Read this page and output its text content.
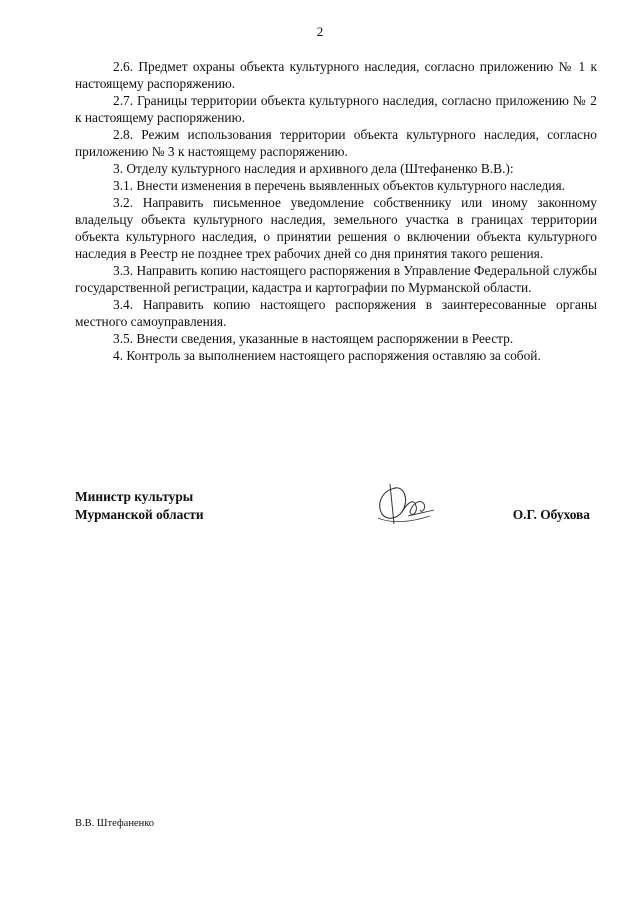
2

2.6. Предмет охраны объекта культурного наследия, согласно приложению № 1 к настоящему распоряжению.

2.7. Границы территории объекта культурного наследия, согласно приложению № 2 к настоящему распоряжению.

2.8. Режим использования территории объекта культурного наследия, согласно приложению № 3 к настоящему распоряжению.

3. Отделу культурного наследия и архивного дела (Штефаненко В.В.):

3.1. Внести изменения в перечень выявленных объектов культурного наследия.

3.2. Направить письменное уведомление собственнику или иному законному владельцу объекта культурного наследия, земельного участка в границах территории объекта культурного наследия, о принятии решения о включении объекта культурного наследия в Реестр не позднее трех рабочих дней со дня принятия такого решения.

3.3. Направить копию настоящего распоряжения в Управление Федеральной службы государственной регистрации, кадастра и картографии по Мурманской области.

3.4. Направить копию настоящего распоряжения в заинтересованные органы местного самоуправления.

3.5. Внести сведения, указанные в настоящем распоряжении в Реестр.

4. Контроль за выполнением настоящего распоряжения оставляю за собой.

Министр культуры
Мурманской области	О.Г. Обухова
В.В. Штефаненко
